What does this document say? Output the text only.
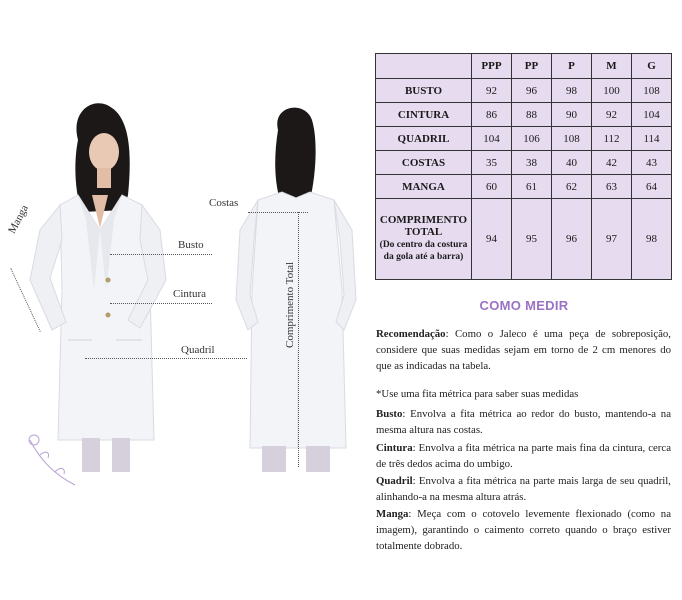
Costas
Busto
Cintura
Quadril
Manga
Comprimento Total
	PPP	PP	P	M	G
BUSTO	92	96	98	100	108
CINTURA	86	88	90	92	104
QUADRIL	104	106	108	112	114
COSTAS	35	38	40	42	43
MANGA	60	61	62	63	64
COMPRIMENTO TOTAL
(Do centro da costura da gola até a barra)	94	95	96	97	98
COMO MEDIR

Recomendação: Como o Jaleco é uma peça de sobreposição, considere que suas medidas sejam em torno de 2 cm menores do que as indicadas na tabela.

*Use uma fita métrica para saber suas medidas

Busto: Envolva a fita métrica ao redor do busto, mantendo-a na mesma altura nas costas.

Cintura: Envolva a fita métrica na parte mais fina da cintura, cerca de três dedos acima do umbigo.

Quadril: Envolva a fita métrica na parte mais larga de seu quadril, alinhando-a na mesma altura atrás.

Manga: Meça com o cotovelo levemente flexionado (como na imagem), garantindo o caimento correto quando o braço estiver totalmente dobrado.
